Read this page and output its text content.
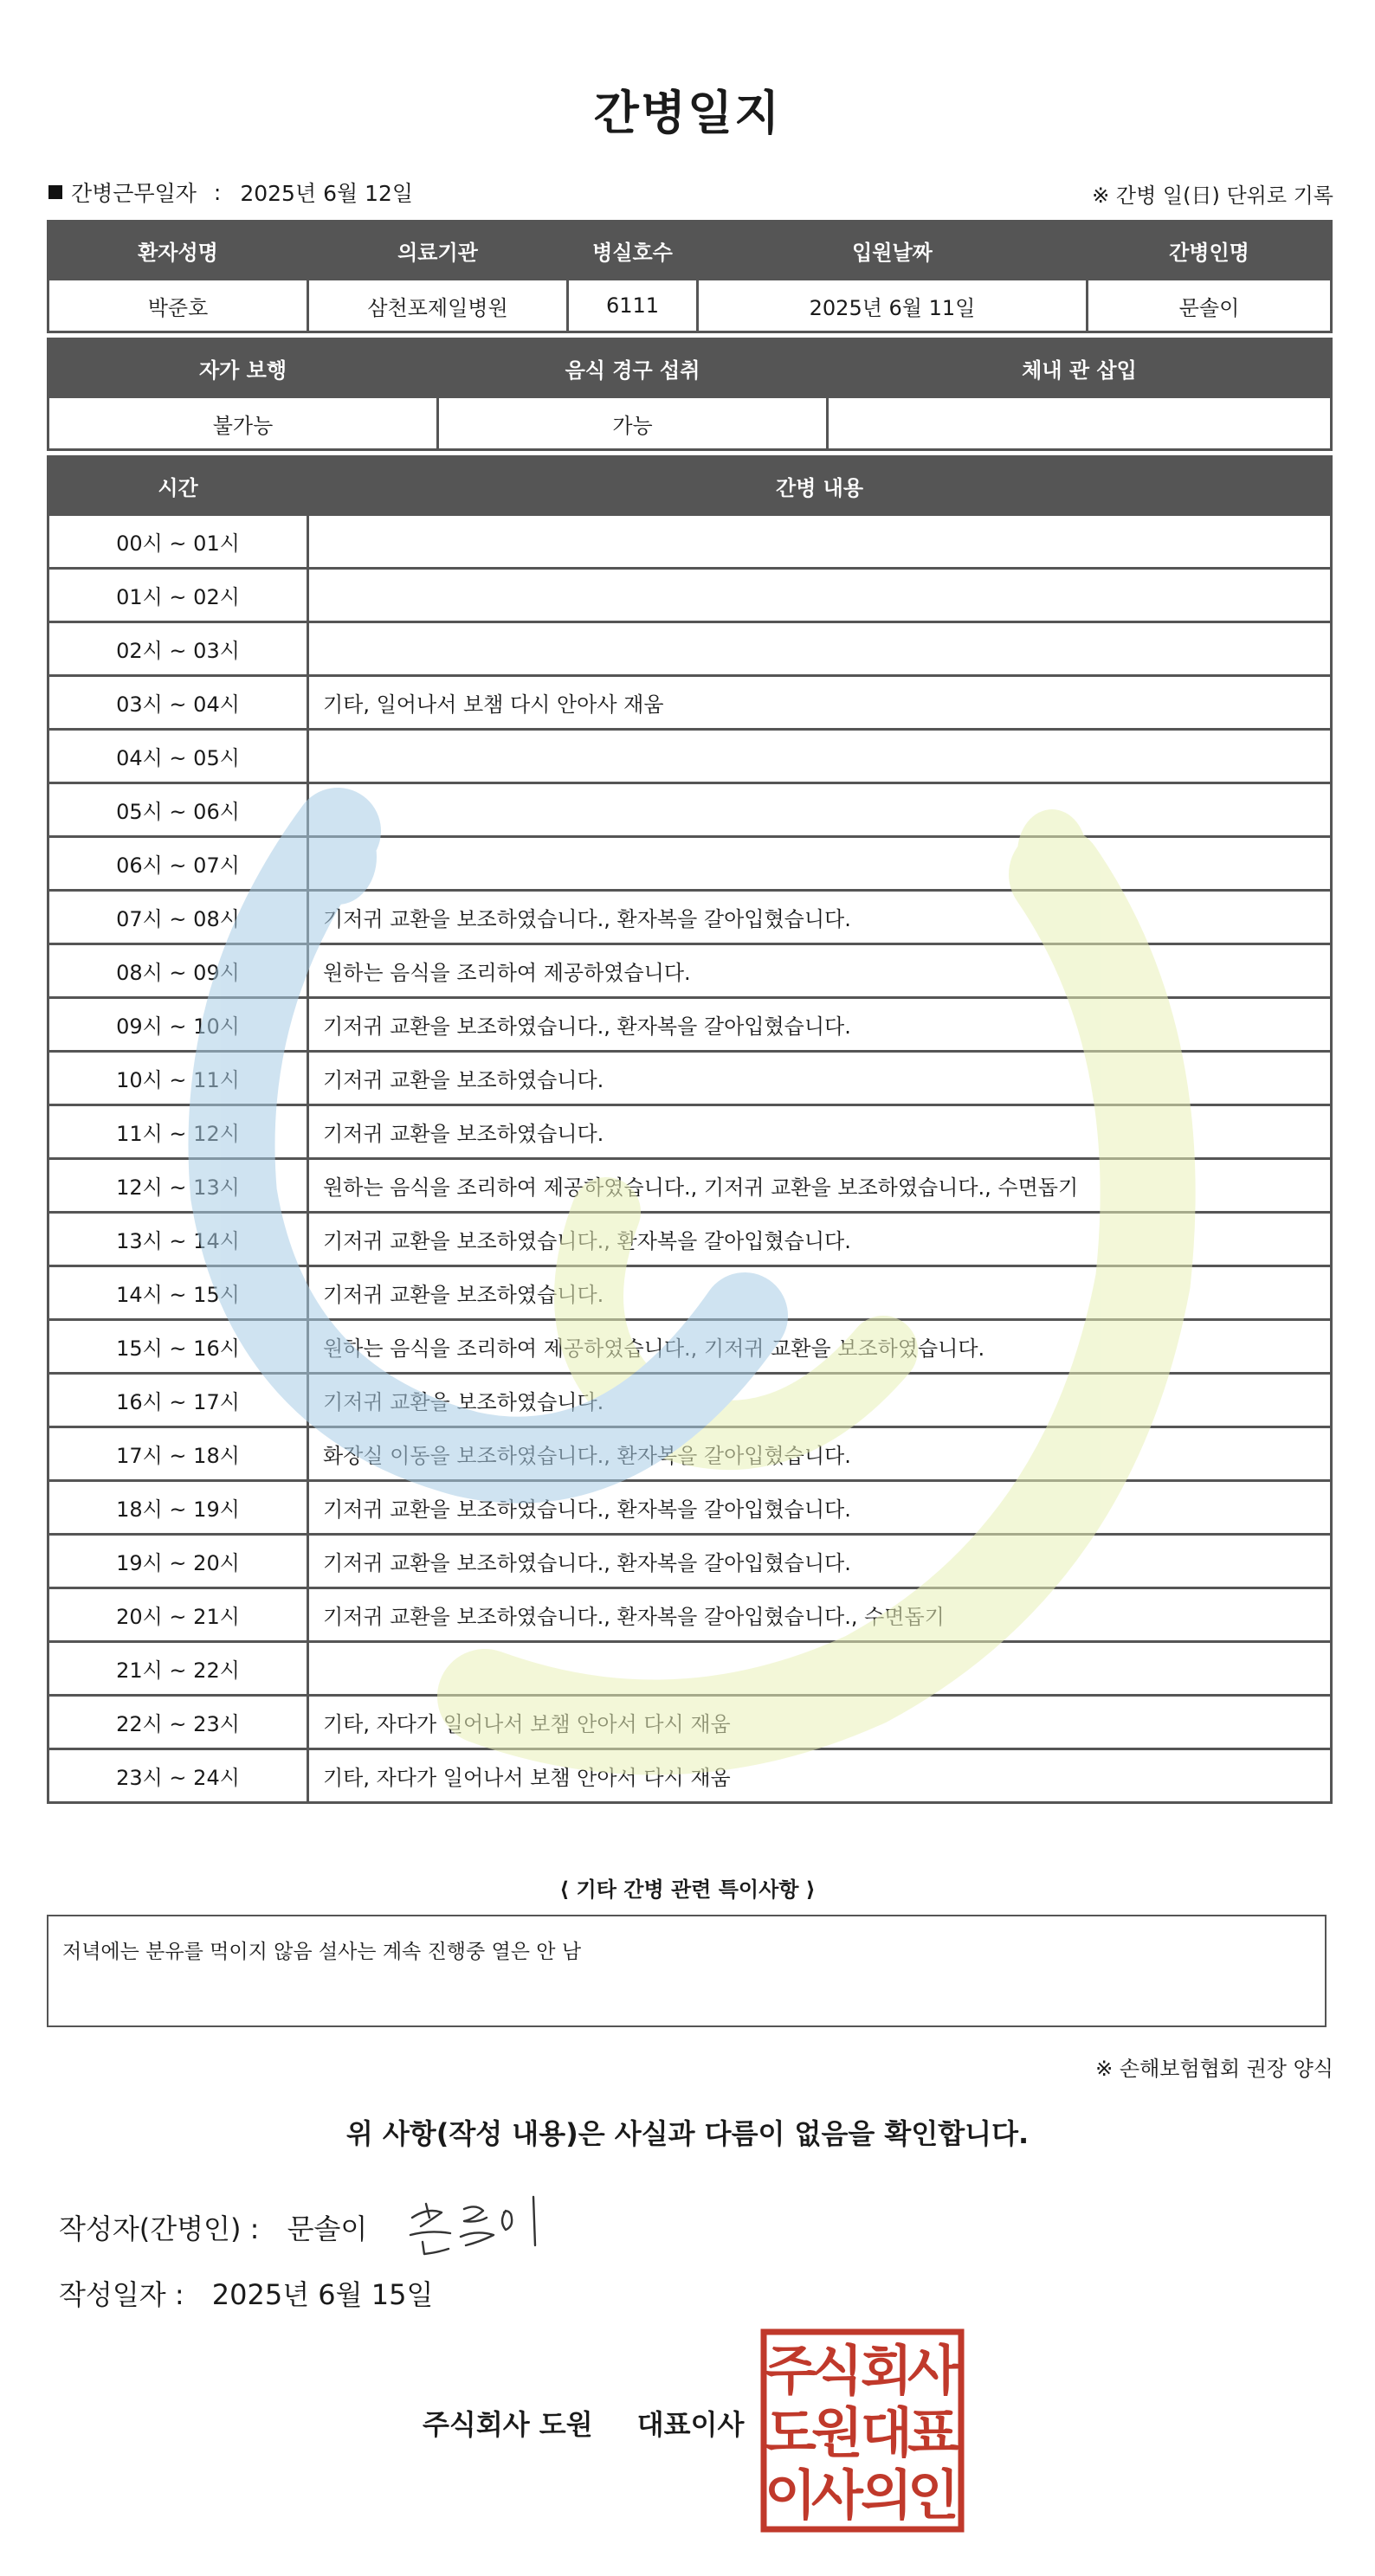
간병일지
간병근무일자 : 2025년 6월 12일	※ 간병 일(日) 단위로 기록
환자성명	의료기관	병실호수	입원날짜	간병인명
박준호	삼천포제일병원	6111	2025년 6월 11일	문솔이
자가 보행	음식 경구 섭취	체내 관 삽입
불가능	가능	
시간	간병 내용
00시 ~ 01시	
01시 ~ 02시	
02시 ~ 03시	
03시 ~ 04시	기타, 일어나서 보챔 다시 안아사 재움
04시 ~ 05시	
05시 ~ 06시	
06시 ~ 07시	
07시 ~ 08시	기저귀 교환을 보조하였습니다., 환자복을 갈아입혔습니다.
08시 ~ 09시	원하는 음식을 조리하여 제공하였습니다.
09시 ~ 10시	기저귀 교환을 보조하였습니다., 환자복을 갈아입혔습니다.
10시 ~ 11시	기저귀 교환을 보조하였습니다.
11시 ~ 12시	기저귀 교환을 보조하였습니다.
12시 ~ 13시	원하는 음식을 조리하여 제공하였습니다., 기저귀 교환을 보조하였습니다., 수면돕기
13시 ~ 14시	기저귀 교환을 보조하였습니다., 환자복을 갈아입혔습니다.
14시 ~ 15시	기저귀 교환을 보조하였습니다.
15시 ~ 16시	원하는 음식을 조리하여 제공하였습니다., 기저귀 교환을 보조하였습니다.
16시 ~ 17시	기저귀 교환을 보조하였습니다.
17시 ~ 18시	화장실 이동을 보조하였습니다., 환자복을 갈아입혔습니다.
18시 ~ 19시	기저귀 교환을 보조하였습니다., 환자복을 갈아입혔습니다.
19시 ~ 20시	기저귀 교환을 보조하였습니다., 환자복을 갈아입혔습니다.
20시 ~ 21시	기저귀 교환을 보조하였습니다., 환자복을 갈아입혔습니다., 수면돕기
21시 ~ 22시	
22시 ~ 23시	기타, 자다가 일어나서 보챔 안아서 다시 재움
23시 ~ 24시	기타, 자다가 일어나서 보챔 안아서 다시 재움
⟨ 기타 간병 관련 특이사항 ⟩
저녁에는 분유를 먹이지 않음 설사는 계속 진행중 열은 안 남
※ 손해보험협회 권장 양식
위 사항(작성 내용)은 사실과 다름이 없음을 확인합니다.
작성자(간병인) : 문솔이
작성일자 : 2025년 6월 15일
주식회사 도원 대표이사
주
식
회
사
도
원
대
표
이
사
의
인
